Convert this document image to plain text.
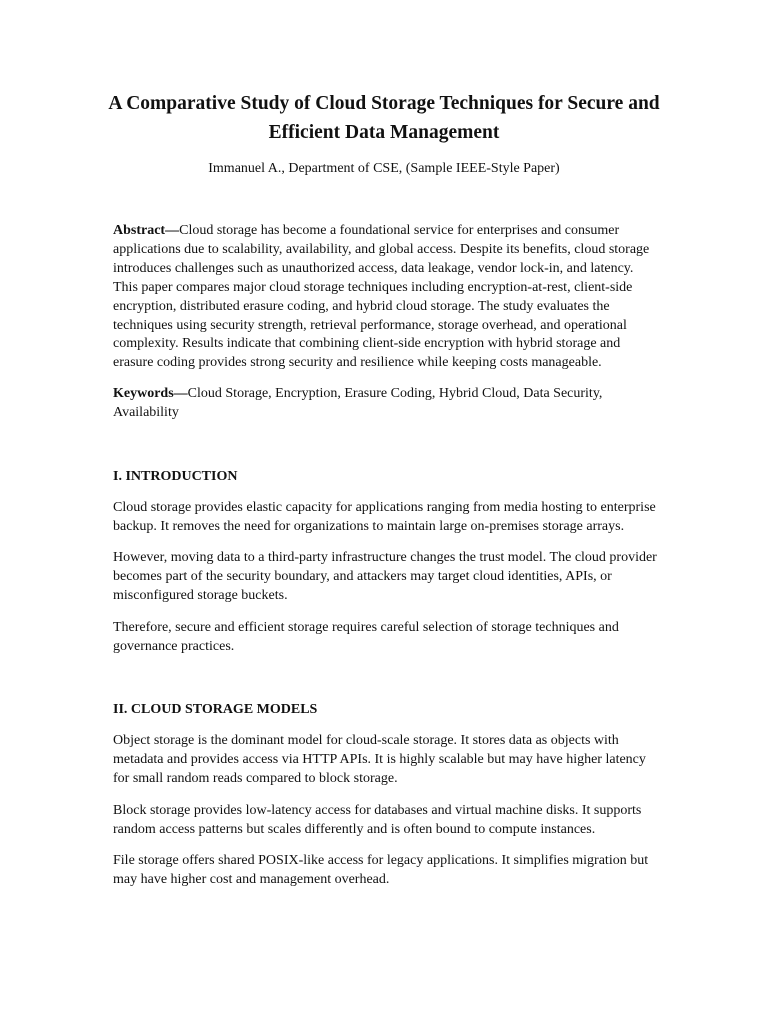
A Comparative Study of Cloud Storage Techniques for Secure and Efficient Data Management

Immanuel A., Department of CSE, (Sample IEEE-Style Paper)

Abstract—Cloud storage has become a foundational service for enterprises and consumer applications due to scalability, availability, and global access. Despite its benefits, cloud storage introduces challenges such as unauthorized access, data leakage, vendor lock-in, and latency. This paper compares major cloud storage techniques including encryption-at-rest, client-side encryption, distributed erasure coding, and hybrid cloud storage. The study evaluates the techniques using security strength, retrieval performance, storage overhead, and operational complexity. Results indicate that combining client-side encryption with hybrid storage and erasure coding provides strong security and resilience while keeping costs manageable.

Keywords—Cloud Storage, Encryption, Erasure Coding, Hybrid Cloud, Data Security, Availability

I. INTRODUCTION

Cloud storage provides elastic capacity for applications ranging from media hosting to enterprise backup. It removes the need for organizations to maintain large on-premises storage arrays.

However, moving data to a third-party infrastructure changes the trust model. The cloud provider becomes part of the security boundary, and attackers may target cloud identities, APIs, or misconfigured storage buckets.

Therefore, secure and efficient storage requires careful selection of storage techniques and governance practices.

II. CLOUD STORAGE MODELS

Object storage is the dominant model for cloud-scale storage. It stores data as objects with metadata and provides access via HTTP APIs. It is highly scalable but may have higher latency for small random reads compared to block storage.

Block storage provides low-latency access for databases and virtual machine disks. It supports random access patterns but scales differently and is often bound to compute instances.

File storage offers shared POSIX-like access for legacy applications. It simplifies migration but may have higher cost and management overhead.
